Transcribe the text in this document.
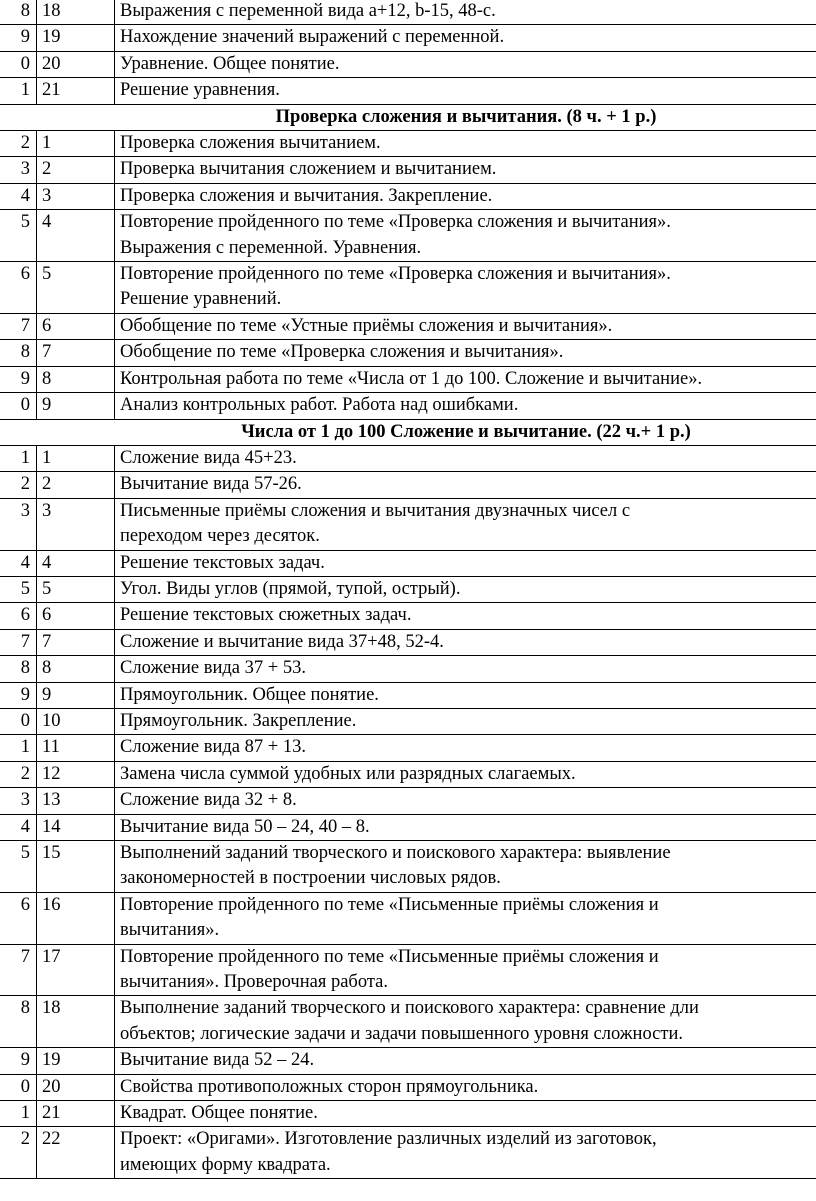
8	18	Выражения с переменной вида а+12, b-15, 48-с.

9	19	Нахождение значений выражений с переменной.

0	20	Уравнение. Общее понятие.

1	21	Решение уравнения.

Проверка сложения и вычитания. (8 ч. + 1 р.)		
2	1	Проверка сложения вычитанием.

3	2	Проверка вычитания сложением и вычитанием.

4	3	Проверка сложения и вычитания. Закрепление.

5	4	Повторение пройденного по теме «Проверка сложения и вычитания».
Выражения с переменной. Уравнения.

6	5	Повторение пройденного по теме «Проверка сложения и вычитания».
Решение уравнений.

7	6	Обобщение по теме «Устные приёмы сложения и вычитания».

8	7	Обобщение по теме «Проверка сложения и вычитания».

9	8	Контрольная работа по теме «Числа от 1 до 100. Сложение и вычитание».

0	9	Анализ контрольных работ. Работа над ошибками.

Числа от 1 до 100 Сложение и вычитание. (22 ч.+ 1 р.)		
1	1	Сложение вида 45+23.

2	2	Вычитание вида 57-26.

3	3	Письменные приёмы сложения и вычитания двузначных чисел с
переходом через десяток.

4	4	Решение текстовых задач.

5	5	Угол. Виды углов (прямой, тупой, острый).

6	6	Решение текстовых сюжетных задач.

7	7	Сложение и вычитание вида 37+48, 52-4.

8	8	Сложение вида 37 + 53.

9	9	Прямоугольник. Общее понятие.

0	10	Прямоугольник. Закрепление.

1	11	Сложение вида 87 + 13.

2	12	Замена числа суммой удобных или разрядных слагаемых.

3	13	Сложение вида 32 + 8.

4	14	Вычитание вида 50 – 24, 40 – 8.

5	15	Выполнений заданий творческого и поискового характера: выявление
закономерностей в построении числовых рядов.

6	16	Повторение пройденного по теме «Письменные приёмы сложения и
вычитания».

7	17	Повторение пройденного по теме «Письменные приёмы сложения и
вычитания». Проверочная работа.

8	18	Выполнение заданий творческого и поискового характера: сравнение дли
объектов; логические задачи и задачи повышенного уровня сложности.

9	19	Вычитание вида 52 – 24.

0	20	Свойства противоположных сторон прямоугольника.

1	21	Квадрат. Общее понятие.

2	22	Проект: «Оригами». Изготовление различных изделий из заготовок,
имеющих форму квадрата.
